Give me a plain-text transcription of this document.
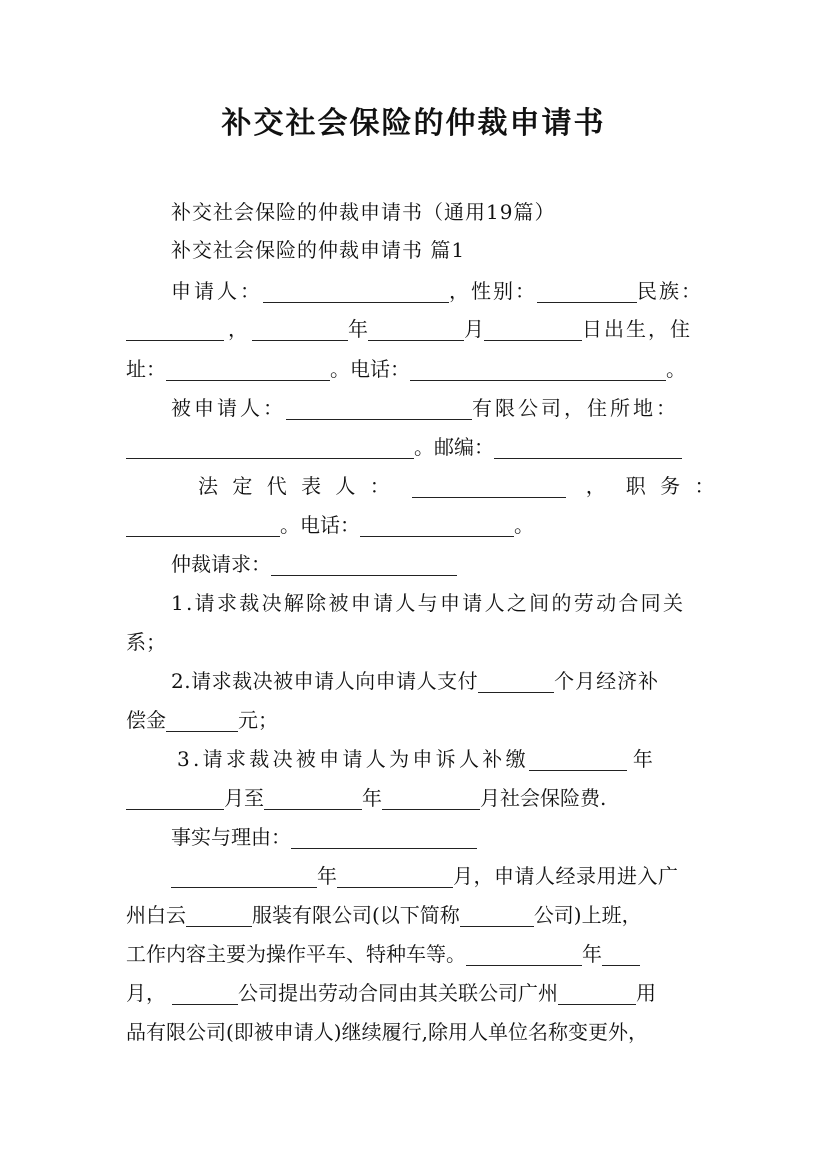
补交社会保险的仲裁申请书
补交社会保险的仲裁申请书（通用19篇）
补交社会保险的仲裁申请书 篇1
申请人：	，性别：	民族：
，	年	月	日出生，住
址：	。电话：	。
被申请人：	有限公司，住所地：
。邮编：
法 定 代 表 人 ：	， 职 务 ：
。电话：	。
仲裁请求：
1.请求裁决解除被申请人与申请人之间的劳动合同关
系；
2.请求裁决被申请人向申请人支付	个月经济补
偿金	元；
3.请求裁决被申请人为申诉人补缴	年
月至	年	月社会保险费.
事实与理由：
年	月，申请人经录用进入广
州白云	服装有限公司(以下简称	公司)上班，
工作内容主要为操作平车、特种车等。	年
月，	公司提出劳动合同由其关联公司广州	用
品有限公司(即被申请人)继续履行,除用人单位名称变更外，
